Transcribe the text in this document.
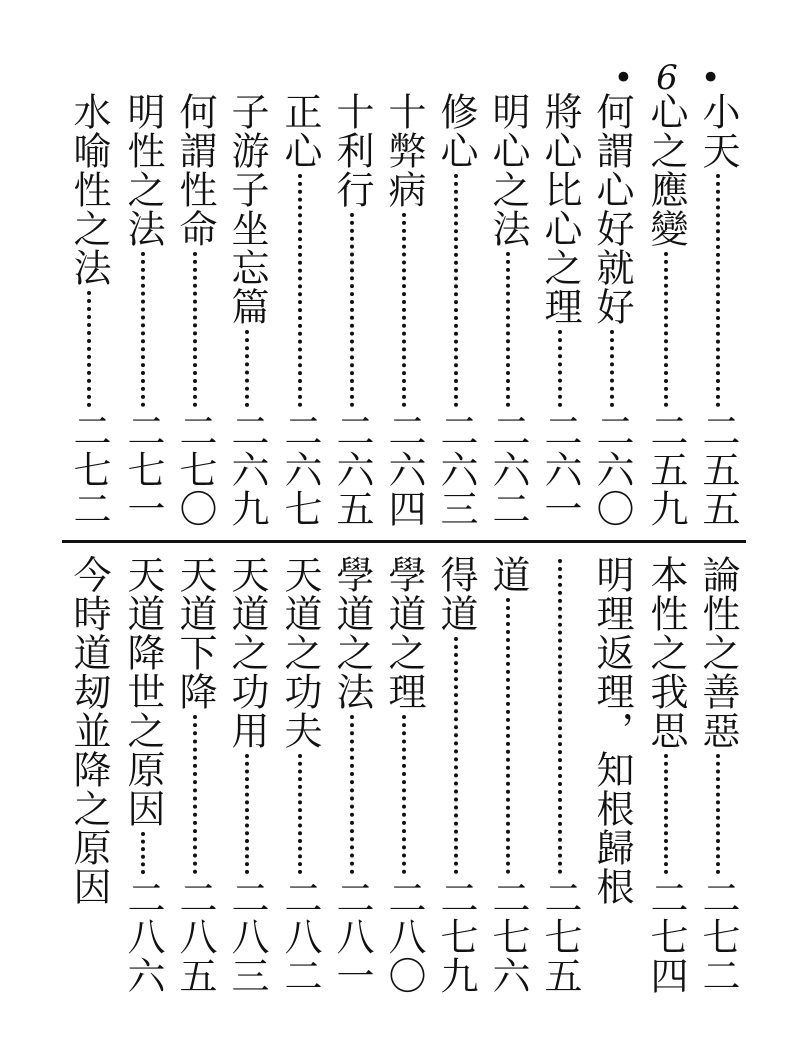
• 6 •
小天
二五五
心之應變
二五九
何謂心好就好
二六〇
將心比心之理
二六一
明心之法
二六二
修心
二六三
十弊病
二六四
十利行
二六五
正心
二六七
子游子坐忘篇
二六九
何謂性命
二七〇
明性之法
二七一
水喻性之法
二七二
論性之善惡
二七二
本性之我思
二七四
明理返理，知根歸根
二七五
道
二七六
得道
二七九
學道之理
二八〇
學道之法
二八一
天道之功夫
二八二
天道之功用
二八三
天道下降
二八五
天道降世之原因
二八六
今時道刼並降之原因
